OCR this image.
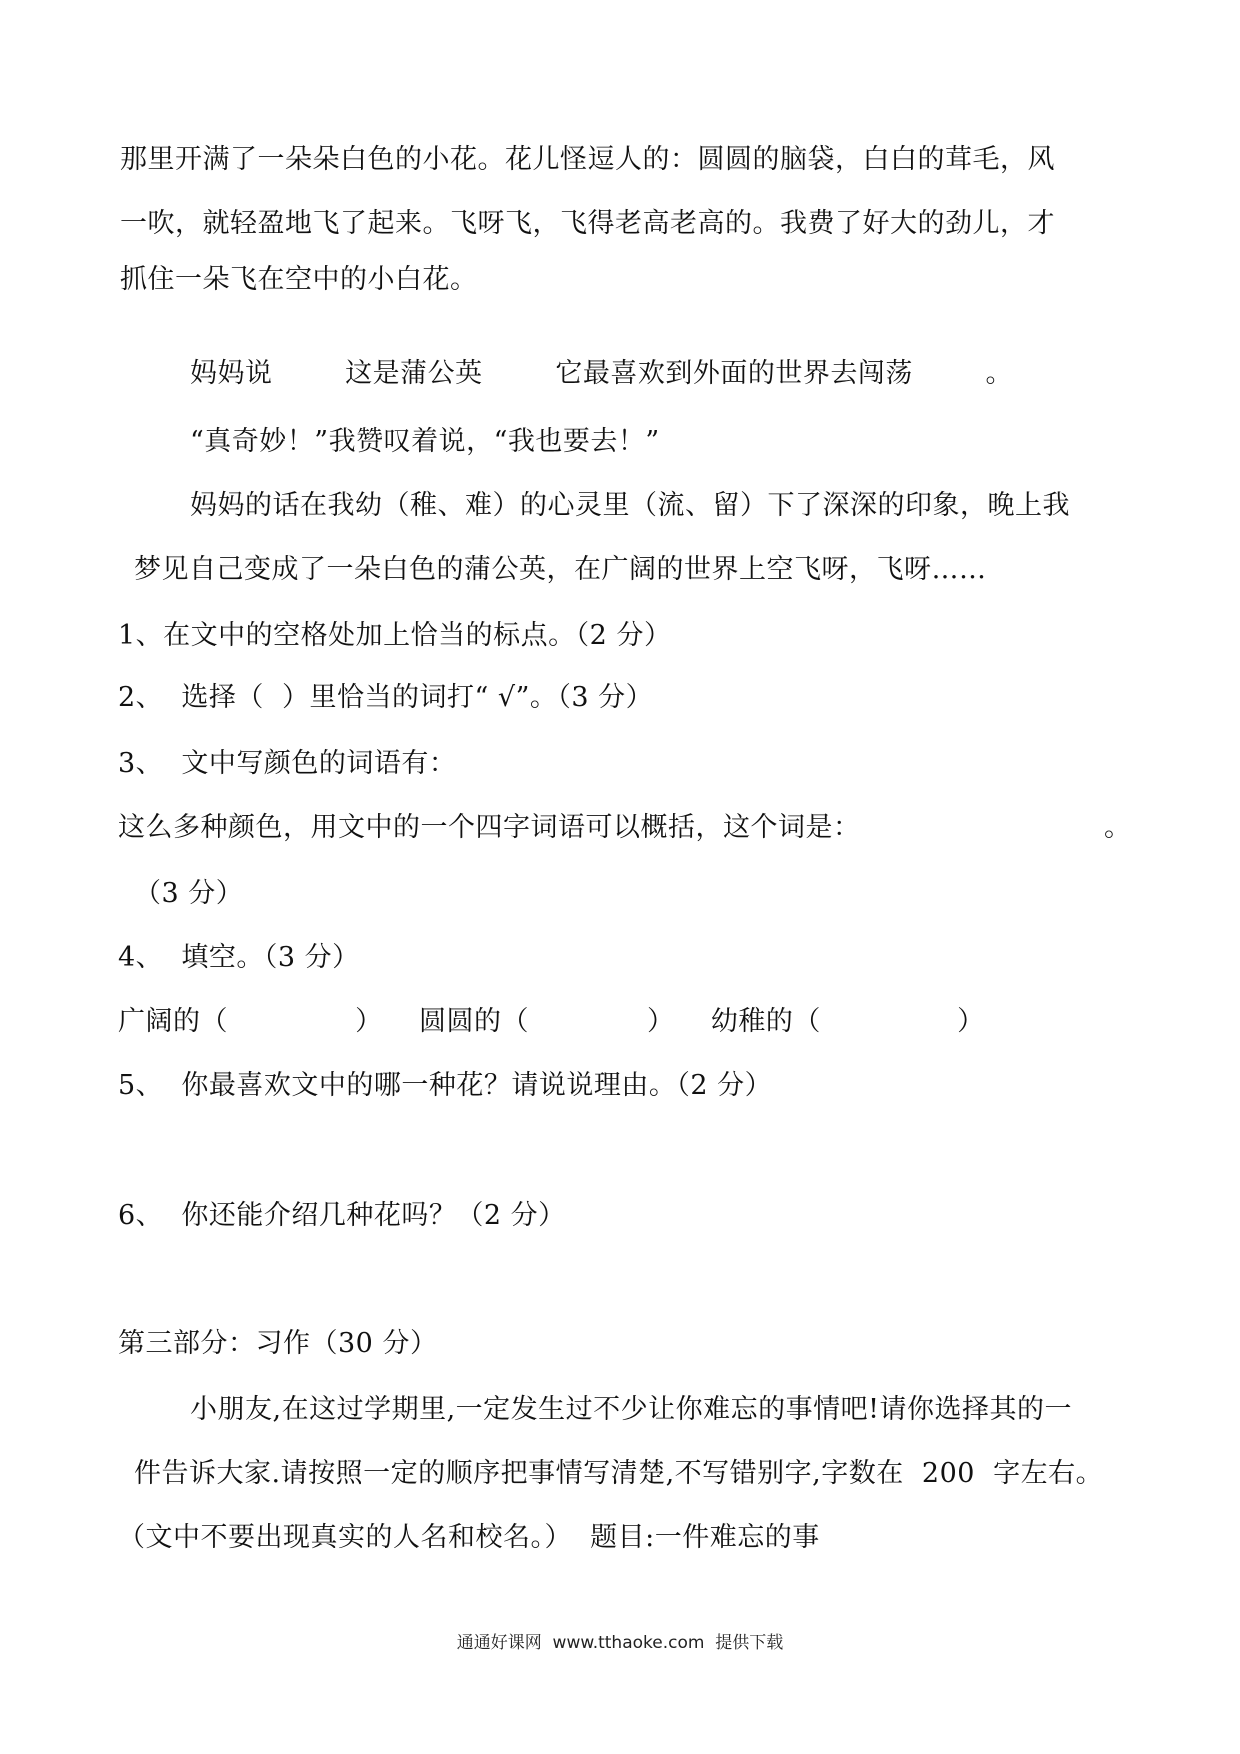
那里开满了一朵朵白色的小花。花儿怪逗人的：圆圆的脑袋，白白的茸毛，风
一吹，就轻盈地飞了起来。飞呀飞，飞得老高老高的。我费了好大的劲儿，才
抓住一朵飞在空中的小白花。
妈妈说        这是蒲公英        它最喜欢到外面的世界去闯荡        。
“真奇妙！”我赞叹着说，“我也要去！”
妈妈的话在我幼（稚、难）的心灵里（流、留）下了深深的印象，晚上我
梦见自己变成了一朵白色的蒲公英，在广阔的世界上空飞呀，飞呀……
1、在文中的空格处加上恰当的标点。（2 分）
2、  选择（  ）里恰当的词打“ √”。（3 分）
3、  文中写颜色的词语有：
这么多种颜色，用文中的一个四字词语可以概括，这个词是：	。
（3 分）
4、  填空。（3 分）
广阔的（              ）    圆圆的（             ）    幼稚的（               ）
5、  你最喜欢文中的哪一种花？请说说理由。（2 分）
6、  你还能介绍几种花吗？（2 分）
第三部分：习作（30 分）
小朋友,在这过学期里,一定发生过不少让你难忘的事情吧!请你选择其的一
件告诉大家.请按照一定的顺序把事情写清楚,不写错别字,字数在  200  字左右。
（文中不要出现真实的人名和校名。）  题目:一件难忘的事
通通好课网  www.tthaoke.com  提供下载
